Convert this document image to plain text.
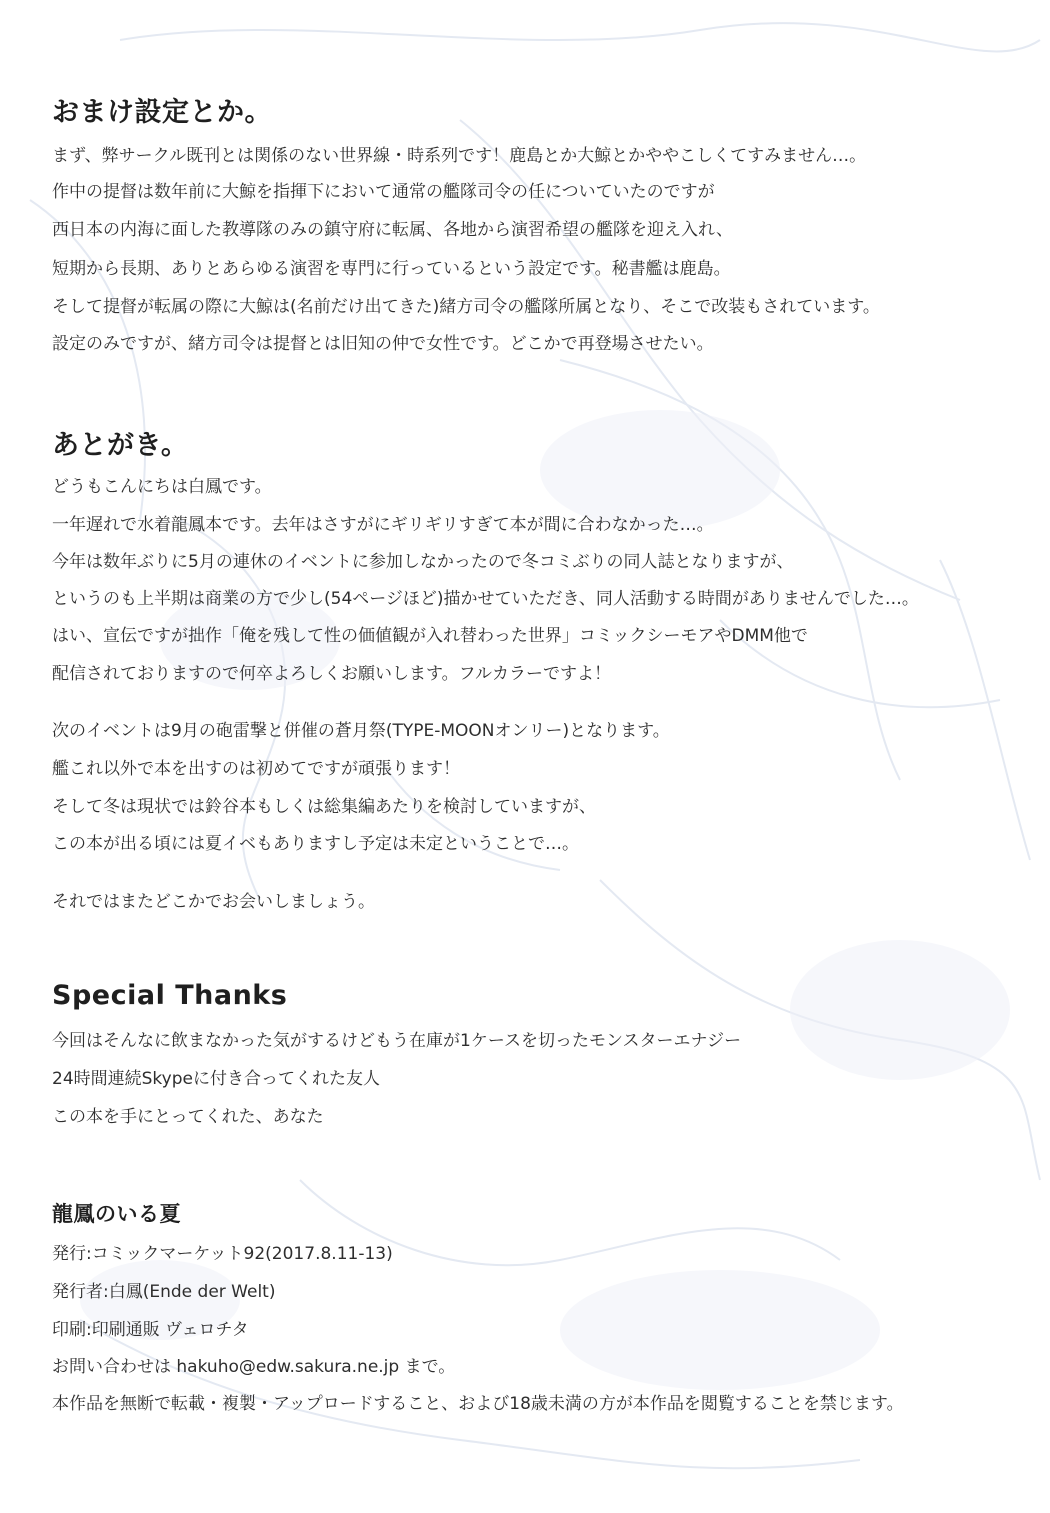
おまけ設定とか。

まず、弊サークル既刊とは関係のない世界線・時系列です！鹿島とか大鯨とかややこしくてすみません…。

作中の提督は数年前に大鯨を指揮下において通常の艦隊司令の任についていたのですが

西日本の内海に面した教導隊のみの鎮守府に転属、各地から演習希望の艦隊を迎え入れ、

短期から長期、ありとあらゆる演習を専門に行っているという設定です。秘書艦は鹿島。

そして提督が転属の際に大鯨は(名前だけ出てきた)緒方司令の艦隊所属となり、そこで改装もされています。

設定のみですが、緒方司令は提督とは旧知の仲で女性です。どこかで再登場させたい。

あとがき。

どうもこんにちは白鳳です。

一年遅れで水着龍鳳本です。去年はさすがにギリギリすぎて本が間に合わなかった…。

今年は数年ぶりに5月の連休のイベントに参加しなかったので冬コミぶりの同人誌となりますが、

というのも上半期は商業の方で少し(54ページほど)描かせていただき、同人活動する時間がありませんでした…。

はい、宣伝ですが拙作「俺を残して性の価値観が入れ替わった世界」コミックシーモアやDMM他で

配信されておりますので何卒よろしくお願いします。フルカラーですよ！

次のイベントは9月の砲雷撃と併催の蒼月祭(TYPE-MOONオンリー)となります。

艦これ以外で本を出すのは初めてですが頑張ります！

そして冬は現状では鈴谷本もしくは総集編あたりを検討していますが、

この本が出る頃には夏イベもありますし予定は未定ということで…。

それではまたどこかでお会いしましょう。

Special Thanks

今回はそんなに飲まなかった気がするけどもう在庫が1ケースを切ったモンスターエナジー

24時間連続Skypeに付き合ってくれた友人

この本を手にとってくれた、あなた

龍鳳のいる夏

発行:コミックマーケット92(2017.8.11-13)

発行者:白鳳(Ende der Welt)

印刷:印刷通販 ヴェロチタ

お問い合わせは hakuho@edw.sakura.ne.jp まで。

本作品を無断で転載・複製・アップロードすること、および18歳未満の方が本作品を閲覧することを禁じます。
